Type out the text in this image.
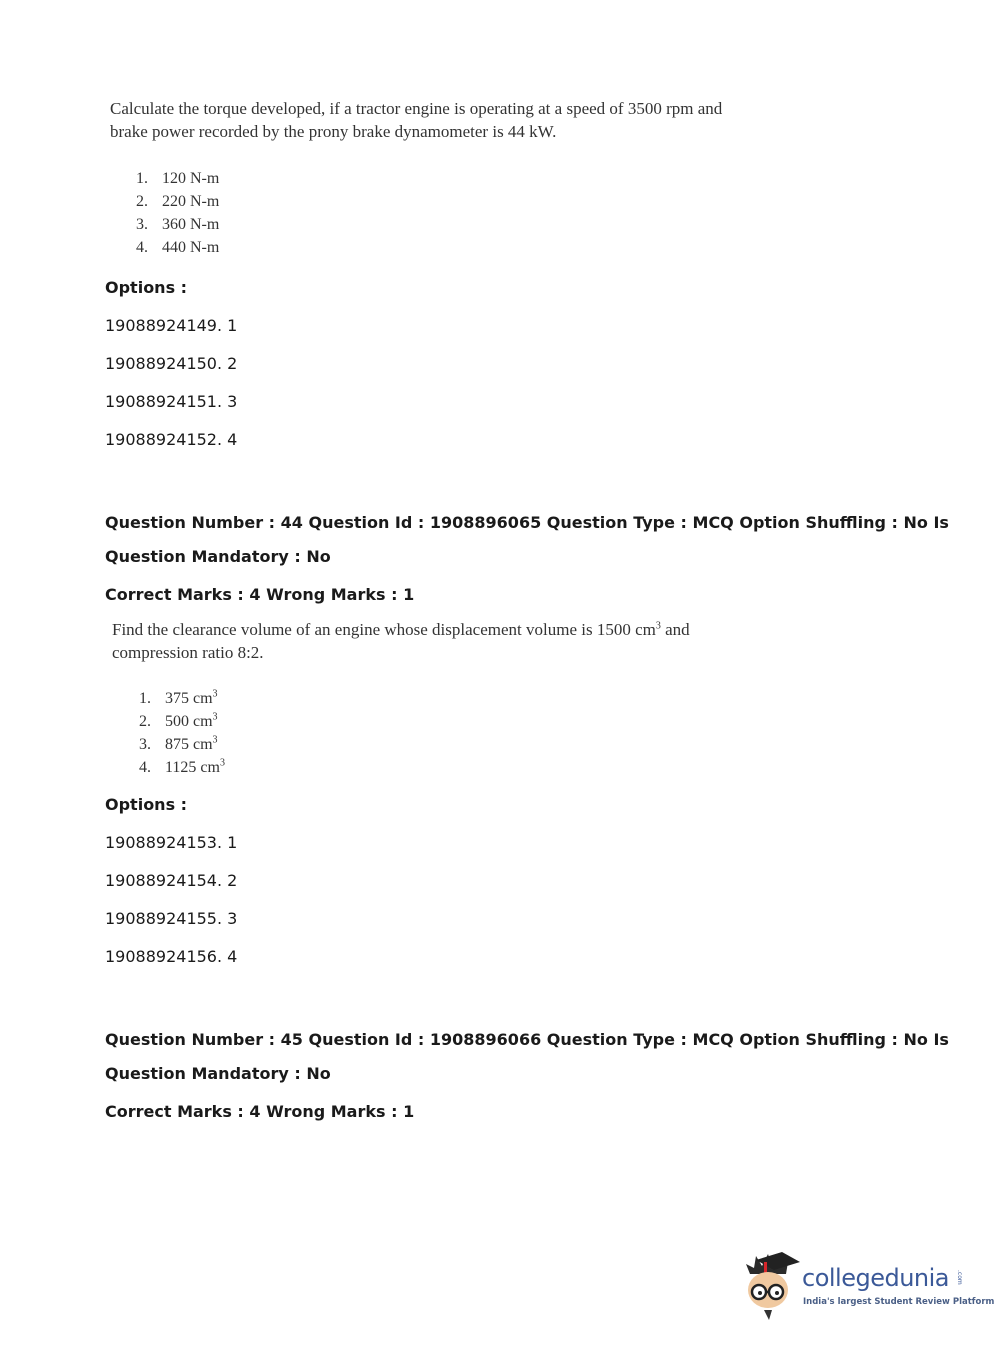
Calculate the torque developed, if a tractor engine is operating at a speed of 3500 rpm and
brake power recorded by the prony brake dynamometer is 44 kW.
1. 120 N-m
2. 220 N-m
3. 360 N-m
4. 440 N-m
Options :
19088924149. 1
19088924150. 2
19088924151. 3
19088924152. 4
Question Number : 44 Question Id : 1908896065 Question Type : MCQ Option Shuffling : No Is
Question Mandatory : No
Correct Marks : 4 Wrong Marks : 1
Find the clearance volume of an engine whose displacement volume is 1500 $cm^3$ and
compression ratio 8:2.
1. 375 $cm^3$
2. 500 $cm^3$
3. 875 $cm^3$
4. 1125 $cm^3$
Options :
19088924153. 1
19088924154. 2
19088924155. 3
19088924156. 4
Question Number : 45 Question Id : 1908896066 Question Type : MCQ Option Shuffling : No Is
Question Mandatory : No
Correct Marks : 4 Wrong Marks : 1
collegedunia .com
India's largest Student Review Platform
